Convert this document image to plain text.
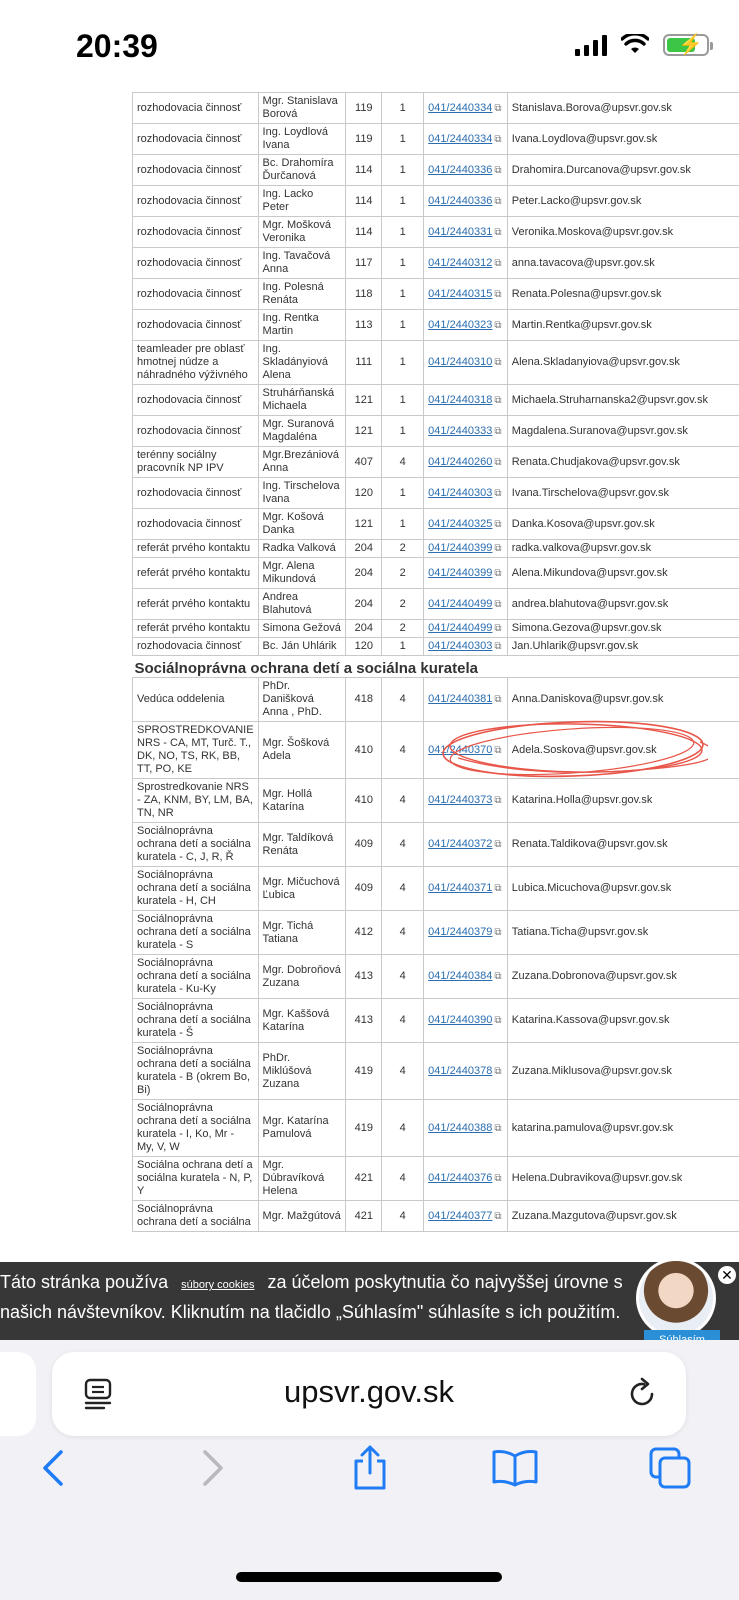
20:39	⚡
rozhodovacia činnosť	Mgr. Stanislava Borová	119	1	041/2440334 ⧉	Stanislava.Borova@upsvr.gov.sk
rozhodovacia činnosť	Ing. Loydlová Ivana	119	1	041/2440334 ⧉	Ivana.Loydlova@upsvr.gov.sk
rozhodovacia činnosť	Bc. Drahomíra Ďurčanová	114	1	041/2440336 ⧉	Drahomira.Durcanova@upsvr.gov.sk
rozhodovacia činnosť	Ing. Lacko Peter	114	1	041/2440336 ⧉	Peter.Lacko@upsvr.gov.sk
rozhodovacia činnosť	Mgr. Mošková Veronika	114	1	041/2440331 ⧉	Veronika.Moskova@upsvr.gov.sk
rozhodovacia činnosť	Ing. Tavačová Anna	117	1	041/2440312 ⧉	anna.tavacova@upsvr.gov.sk
rozhodovacia činnosť	Ing. Polesná Renáta	118	1	041/2440315 ⧉	Renata.Polesna@upsvr.gov.sk
rozhodovacia činnosť	Ing. Rentka Martin	113	1	041/2440323 ⧉	Martin.Rentka@upsvr.gov.sk
teamleader pre oblasť hmotnej núdze a náhradného výživného	Ing. Skladányiová Alena	111	1	041/2440310 ⧉	Alena.Skladanyiova@upsvr.gov.sk
rozhodovacia činnosť	Struhárňanská Michaela	121	1	041/2440318 ⧉	Michaela.Struharnanska2@upsvr.gov.sk
rozhodovacia činnosť	Mgr. Suranová Magdaléna	121	1	041/2440333 ⧉	Magdalena.Suranova@upsvr.gov.sk
terénny sociálny pracovník NP IPV	Mgr.Brezániová Anna	407	4	041/2440260 ⧉	Renata.Chudjakova@upsvr.gov.sk
rozhodovacia činnosť	Ing. Tirschelova Ivana	120	1	041/2440303 ⧉	Ivana.Tirschelova@upsvr.gov.sk
rozhodovacia činnosť	Mgr. Košová Danka	121	1	041/2440325 ⧉	Danka.Kosova@upsvr.gov.sk
referát prvého kontaktu	Radka Valková	204	2	041/2440399 ⧉	radka.valkova@upsvr.gov.sk
referát prvého kontaktu	Mgr. Alena Mikundová	204	2	041/2440399 ⧉	Alena.Mikundova@upsvr.gov.sk
referát prvého kontaktu	Andrea Blahutová	204	2	041/2440499 ⧉	andrea.blahutova@upsvr.gov.sk
referát prvého kontaktu	Simona Gežová	204	2	041/2440499 ⧉	Simona.Gezova@upsvr.gov.sk
rozhodovacia činnosť	Bc. Ján Uhlárik	120	1	041/2440303 ⧉	Jan.Uhlarik@upsvr.gov.sk
Sociálnoprávna ochrana detí a sociálna kuratela					
Vedúca oddelenia	PhDr. Danišková Anna , PhD.	418	4	041/2440381 ⧉	Anna.Daniskova@upsvr.gov.sk
SPROSTREDKOVANIE NRS - CA, MT, Turč. T., DK, NO, TS, RK, BB, TT, PO, KE	Mgr. Šošková Adela	410	4	041/2440370 ⧉	Adela.Soskova@upsvr.gov.sk
Sprostredkovanie NRS - ZA, KNM, BY, LM, BA, TN, NR	Mgr. Hollá Katarína	410	4	041/2440373 ⧉	Katarina.Holla@upsvr.gov.sk
Sociálnoprávna ochrana detí a sociálna kuratela - C, J, R, Ř	Mgr. Taldíková Renáta	409	4	041/2440372 ⧉	Renata.Taldikova@upsvr.gov.sk
Sociálnoprávna ochrana detí a sociálna kuratela - H, CH	Mgr. Mičuchová Ľubica	409	4	041/2440371 ⧉	Lubica.Micuchova@upsvr.gov.sk
Sociálnoprávna ochrana detí a sociálna kuratela - S	Mgr. Tichá Tatiana	412	4	041/2440379 ⧉	Tatiana.Ticha@upsvr.gov.sk
Sociálnoprávna ochrana detí a sociálna kuratela - Ku-Ky	Mgr. Dobroňová Zuzana	413	4	041/2440384 ⧉	Zuzana.Dobronova@upsvr.gov.sk
Sociálnoprávna ochrana detí a sociálna kuratela - Š	Mgr. Kaššová Katarína	413	4	041/2440390 ⧉	Katarina.Kassova@upsvr.gov.sk
Sociálnoprávna ochrana detí a sociálna kuratela - B (okrem Bo, Bi)	PhDr. Miklúšová Zuzana	419	4	041/2440378 ⧉	Zuzana.Miklusova@upsvr.gov.sk
Sociálnoprávna ochrana detí a sociálna kuratela - I, Ko, Mr - My, V, W	Mgr. Katarína Pamulová	419	4	041/2440388 ⧉	katarina.pamulova@upsvr.gov.sk
Sociálna ochrana detí a sociálna kuratela - N, P, Y	Mgr. Dúbravíková Helena	421	4	041/2440376 ⧉	Helena.Dubravikova@upsvr.gov.sk
Sociálnoprávna ochrana detí a sociálna	Mgr. Mažgútová	421	4	041/2440377 ⧉	Zuzana.Mazgutova@upsvr.gov.sk
Táto stránka používa súbory cookies za účelom poskytnutia čo najvyššej úrovne s
našich návštevníkov. Kliknutím na tlačidlo „Súhlasím" súhlasíte s ich použitím.
✕
upsvr.gov.sk
